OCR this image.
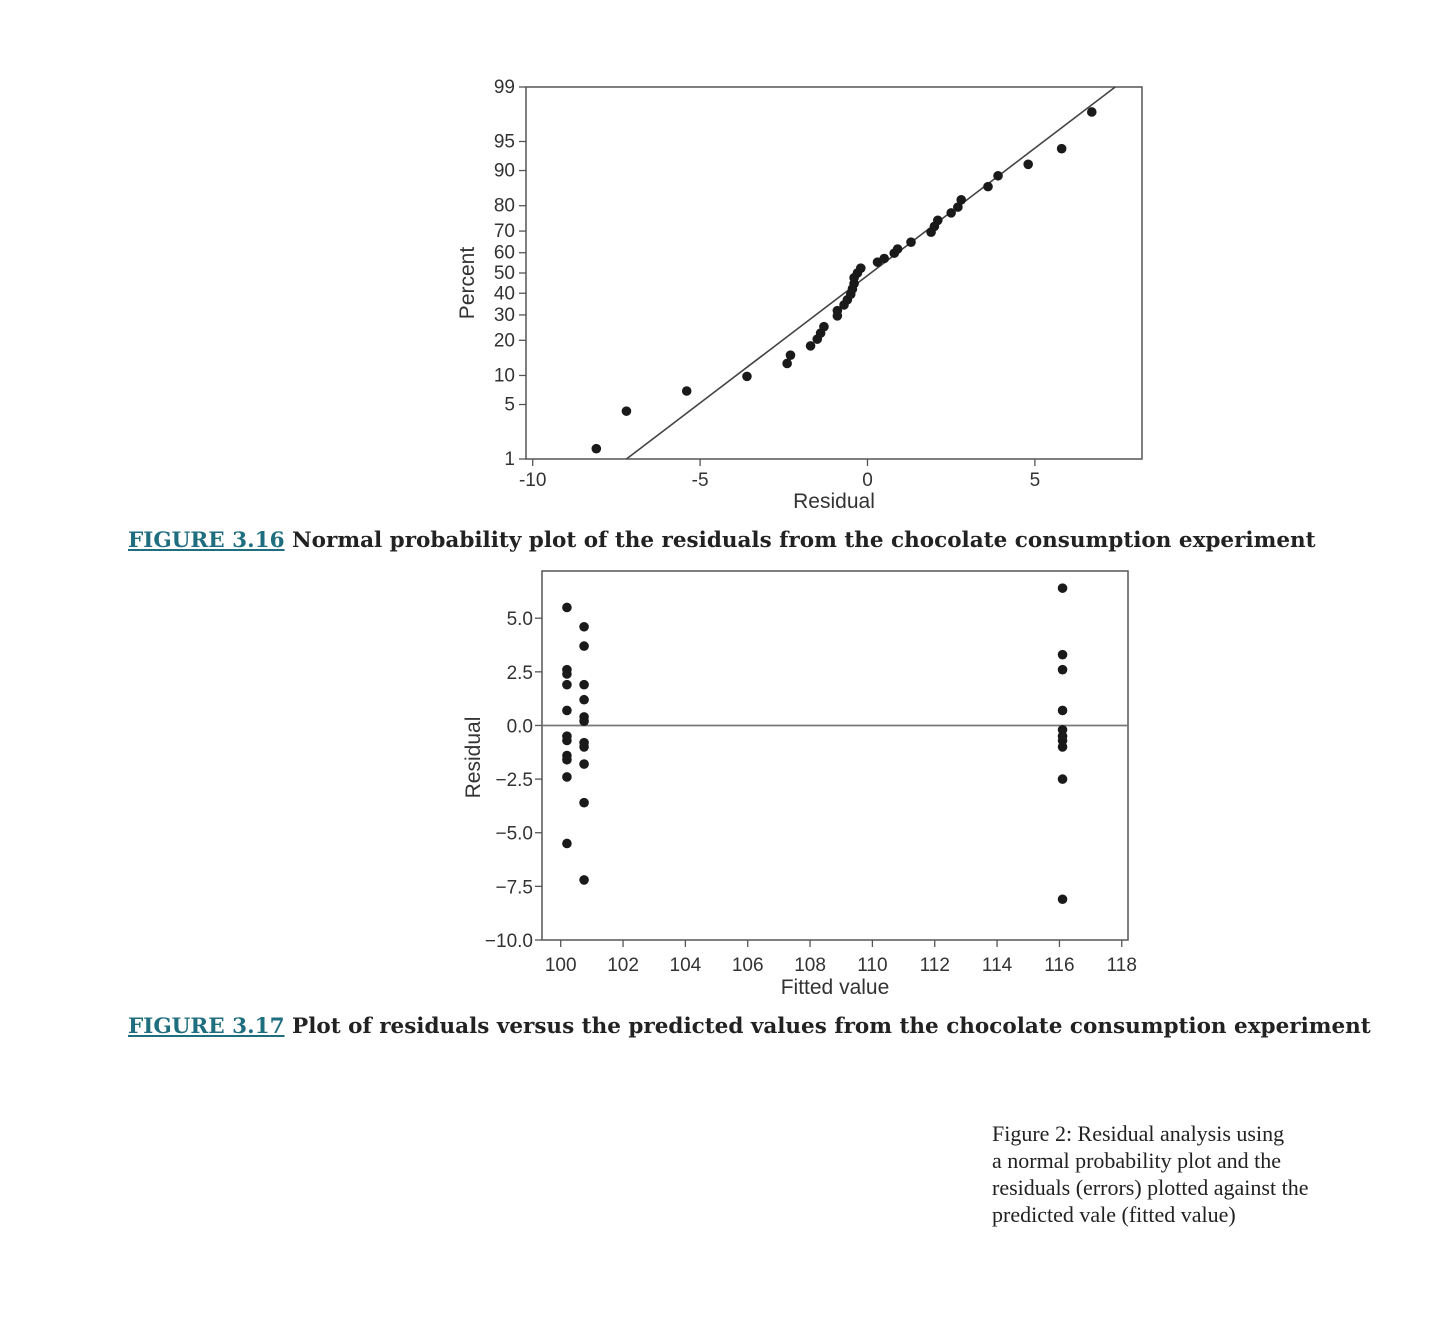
1
5
10
20
30
40
50
60
70
80
90
95
99
-10	-5	0	5
Residual
Percent
5.0
2.5
0.0
−2.5
−5.0
−7.5
−10.0
100 102 104 106 108 110 112 114 116 118
Fitted value
Residual
FIGURE 3.16 Normal probability plot of the residuals from the chocolate consumption experiment
FIGURE 3.17 Plot of residuals versus the predicted values from the chocolate consumption experiment
Figure 2: Residual analysis using
a normal probability plot and the
residuals (errors) plotted against the
predicted vale (fitted value)
